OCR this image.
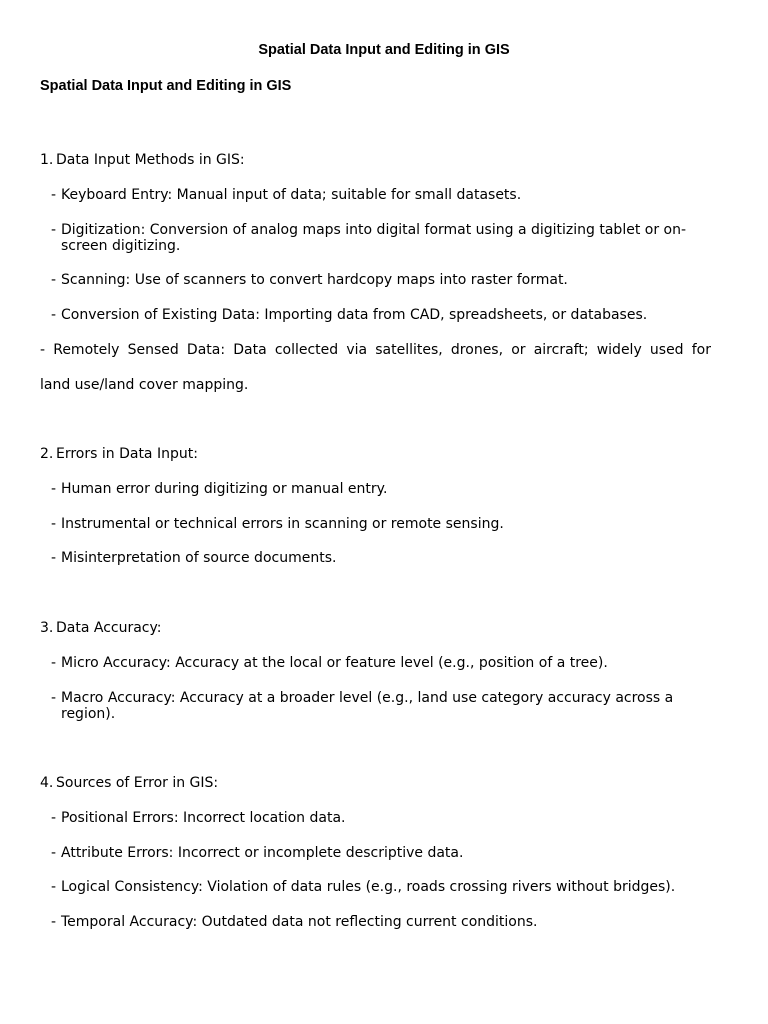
Spatial Data Input and Editing in GIS
Spatial Data Input and Editing in GIS
1. Data Input Methods in GIS:
- Keyboard Entry: Manual input of data; suitable for small datasets.
- Digitization: Conversion of analog maps into digital format using a digitizing tablet or on-screen digitizing.
- Scanning: Use of scanners to convert hardcopy maps into raster format.
- Conversion of Existing Data: Importing data from CAD, spreadsheets, or databases.
- Remotely Sensed Data: Data collected via satellites, drones, or aircraft; widely used for
land use/land cover mapping.
2. Errors in Data Input:
- Human error during digitizing or manual entry.
- Instrumental or technical errors in scanning or remote sensing.
- Misinterpretation of source documents.
3. Data Accuracy:
- Micro Accuracy: Accuracy at the local or feature level (e.g., position of a tree).
- Macro Accuracy: Accuracy at a broader level (e.g., land use category accuracy across a region).
4. Sources of Error in GIS:
- Positional Errors: Incorrect location data.
- Attribute Errors: Incorrect or incomplete descriptive data.
- Logical Consistency: Violation of data rules (e.g., roads crossing rivers without bridges).
- Temporal Accuracy: Outdated data not reflecting current conditions.
